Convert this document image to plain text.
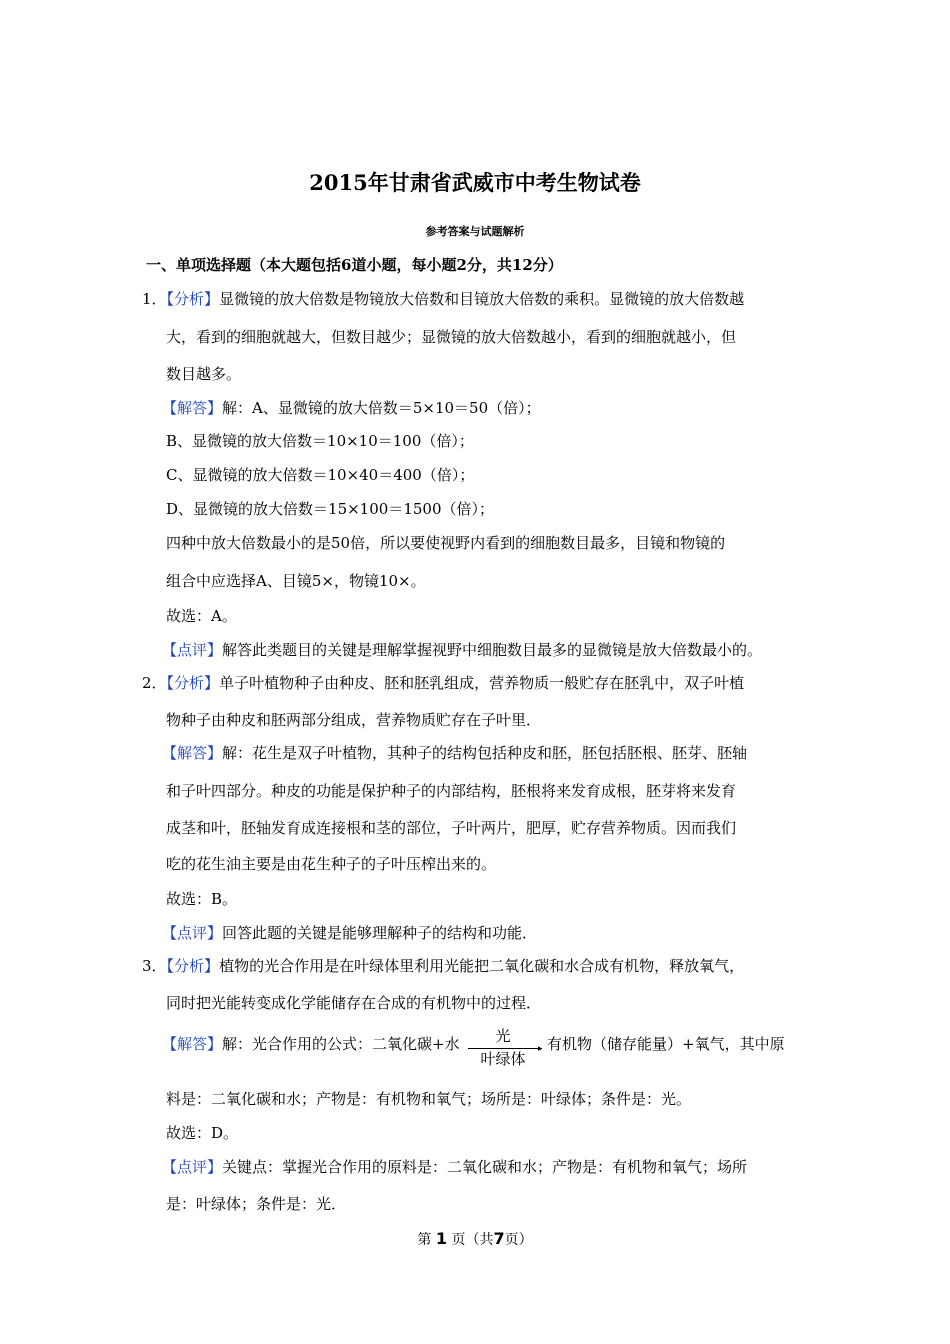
2015年甘肃省武威市中考生物试卷
参考答案与试题解析
一、单项选择题（本大题包括6道小题，每小题2分，共12分）
1．【分析】显微镜的放大倍数是物镜放大倍数和目镜放大倍数的乘积。显微镜的放大倍数越
大，看到的细胞就越大，但数目越少；显微镜的放大倍数越小，看到的细胞就越小，但
数目越多。
【解答】解：A、显微镜的放大倍数＝5×10＝50（倍）；
B、显微镜的放大倍数＝10×10＝100（倍）；
C、显微镜的放大倍数＝10×40＝400（倍）；
D、显微镜的放大倍数＝15×100＝1500（倍）；
四种中放大倍数最小的是50倍，所以要使视野内看到的细胞数目最多，目镜和物镜的
组合中应选择A、目镜5×，物镜10×。
故选：A。
【点评】解答此类题目的关键是理解掌握视野中细胞数目最多的显微镜是放大倍数最小的。
2．【分析】单子叶植物种子由种皮、胚和胚乳组成，营养物质一般贮存在胚乳中，双子叶植
物种子由种皮和胚两部分组成，营养物质贮存在子叶里．
【解答】解：花生是双子叶植物，其种子的结构包括种皮和胚，胚包括胚根、胚芽、胚轴
和子叶四部分。种皮的功能是保护种子的内部结构，胚根将来发育成根，胚芽将来发育
成茎和叶，胚轴发育成连接根和茎的部位，子叶两片，肥厚，贮存营养物质。因而我们
吃的花生油主要是由花生种子的子叶压榨出来的。
故选：B。
【点评】回答此题的关键是能够理解种子的结构和功能．
3．【分析】植物的光合作用是在叶绿体里利用光能把二氧化碳和水合成有机物，释放氧气，
同时把光能转变成化学能储存在合成的有机物中的过程．
【解答】解：光合作用的公式：二氧化碳+水	光
▸
叶绿体
有机物（储存能量）+氧气，其中原
料是：二氧化碳和水；产物是：有机物和氧气；场所是：叶绿体；条件是：光。
故选：D。
【点评】关键点：掌握光合作用的原料是：二氧化碳和水；产物是：有机物和氧气；场所
是：叶绿体；条件是：光．
第 1 页（共7页）
